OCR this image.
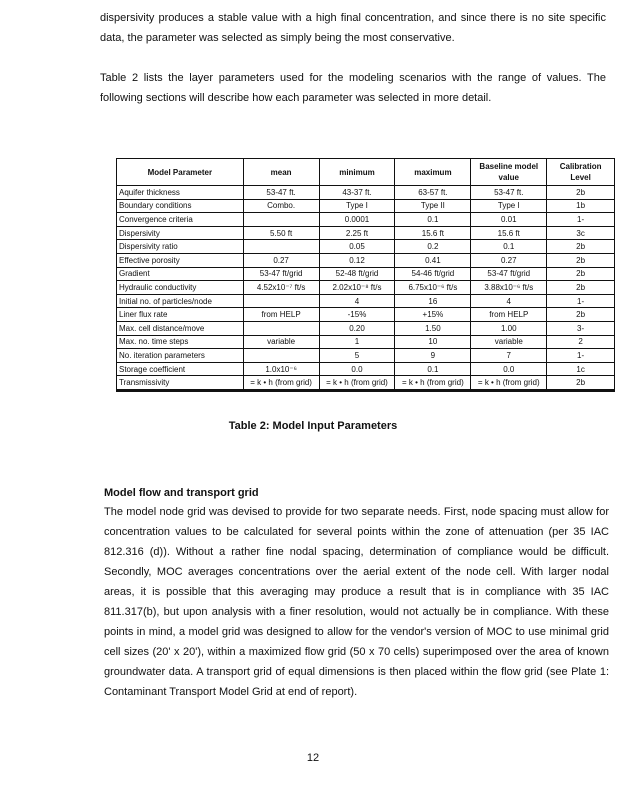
dispersivity produces a stable value with a high final concentration, and since there is no site specific data, the parameter was selected as simply being the most conservative.
Table 2 lists the layer parameters used for the modeling scenarios with the range of values. The following sections will describe how each parameter was selected in more detail.
Model Parameter	mean	minimum	maximum	Baseline model value	Calibration Level
Aquifer thickness	53-47 ft.	43-37 ft.	63-57 ft.	53-47 ft.	2b
Boundary conditions	Combo.	Type I	Type II	Type I	1b
Convergence criteria		0.0001	0.1	0.01	1-
Dispersivity	5.50 ft	2.25 ft	15.6 ft	15.6 ft	3c
Dispersivity ratio		0.05	0.2	0.1	2b
Effective porosity	0.27	0.12	0.41	0.27	2b
Gradient	53-47 ft/grid	52-48 ft/grid	54-46 ft/grid	53-47 ft/grid	2b
Hydraulic conductivity	4.52x10⁻⁷ ft/s	2.02x10⁻⁸ ft/s	6.75x10⁻⁶ ft/s	3.88x10⁻⁶ ft/s	2b
Initial no. of particles/node		4	16	4	1-
Liner flux rate	from HELP	-15%	+15%	from HELP	2b
Max. cell distance/move		0.20	1.50	1.00	3-
Max. no. time steps	variable	1	10	variable	2
No. iteration parameters		5	9	7	1-
Storage coefficient	1.0x10⁻⁶	0.0	0.1	0.0	1c
Transmissivity	= k • h (from grid)	= k • h (from grid)	= k • h (from grid)	= k • h (from grid)	2b
Table 2: Model Input Parameters
Model flow and transport grid
The model node grid was devised to provide for two separate needs. First, node spacing must allow for concentration values to be calculated for several points within the zone of attenuation (per 35 IAC 812.316 (d)). Without a rather fine nodal spacing, determination of compliance would be difficult. Secondly, MOC averages concentrations over the aerial extent of the node cell. With larger nodal areas, it is possible that this averaging may produce a result that is in compliance with 35 IAC 811.317(b), but upon analysis with a finer resolution, would not actually be in compliance. With these points in mind, a model grid was designed to allow for the vendor's version of MOC to use minimal grid cell sizes (20' x 20'), within a maximized flow grid (50 x 70 cells) superimposed over the area of known groundwater data. A transport grid of equal dimensions is then placed within the flow grid (see Plate 1: Contaminant Transport Model Grid at end of report).
12
